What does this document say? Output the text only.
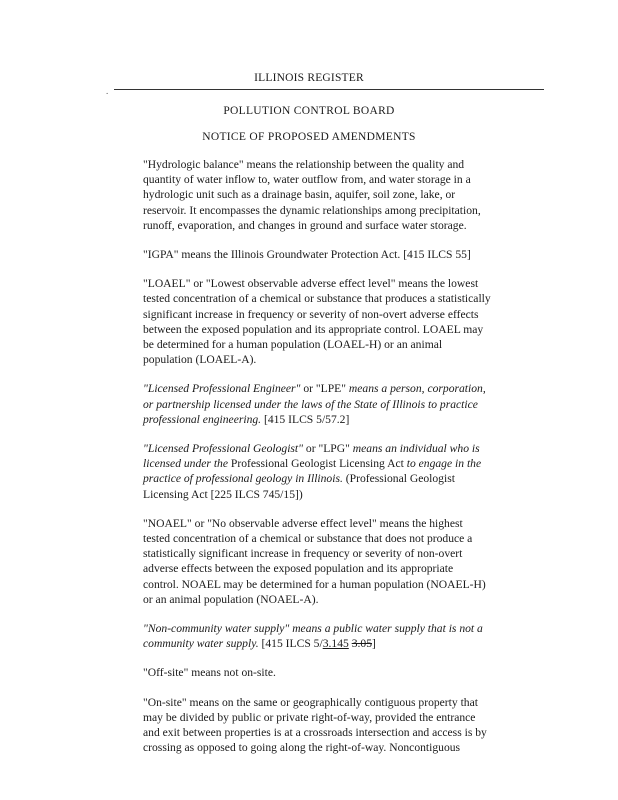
ILLINOIS REGISTER
.
POLLUTION CONTROL BOARD
NOTICE OF PROPOSED AMENDMENTS
"Hydrologic balance" means the relationship between the quality and
quantity of water inflow to, water outflow from, and water storage in a
hydrologic unit such as a drainage basin, aquifer, soil zone, lake, or
reservoir. It encompasses the dynamic relationships among precipitation,
runoff, evaporation, and changes in ground and surface water storage.
"IGPA" means the Illinois Groundwater Protection Act. [415 ILCS 55]
"LOAEL" or "Lowest observable adverse effect level" means the lowest
tested concentration of a chemical or substance that produces a statistically
significant increase in frequency or severity of non-overt adverse effects
between the exposed population and its appropriate control. LOAEL may
be determined for a human population (LOAEL-H) or an animal
population (LOAEL-A).
"Licensed Professional Engineer" or "LPE" means a person, corporation,
or partnership licensed under the laws of the State of Illinois to practice
professional engineering. [415 ILCS 5/57.2]
"Licensed Professional Geologist" or "LPG" means an individual who is
licensed under the Professional Geologist Licensing Act to engage in the
practice of professional geology in Illinois. (Professional Geologist
Licensing Act [225 ILCS 745/15])
"NOAEL" or "No observable adverse effect level" means the highest
tested concentration of a chemical or substance that does not produce a
statistically significant increase in frequency or severity of non-overt
adverse effects between the exposed population and its appropriate
control. NOAEL may be determined for a human population (NOAEL-H)
or an animal population (NOAEL-A).
"Non-community water supply" means a public water supply that is not a
community water supply. [415 ILCS 5/3.145 3.05]
"Off-site" means not on-site.
"On-site" means on the same or geographically contiguous property that
may be divided by public or private right-of-way, provided the entrance
and exit between properties is at a crossroads intersection and access is by
crossing as opposed to going along the right-of-way. Noncontiguous
